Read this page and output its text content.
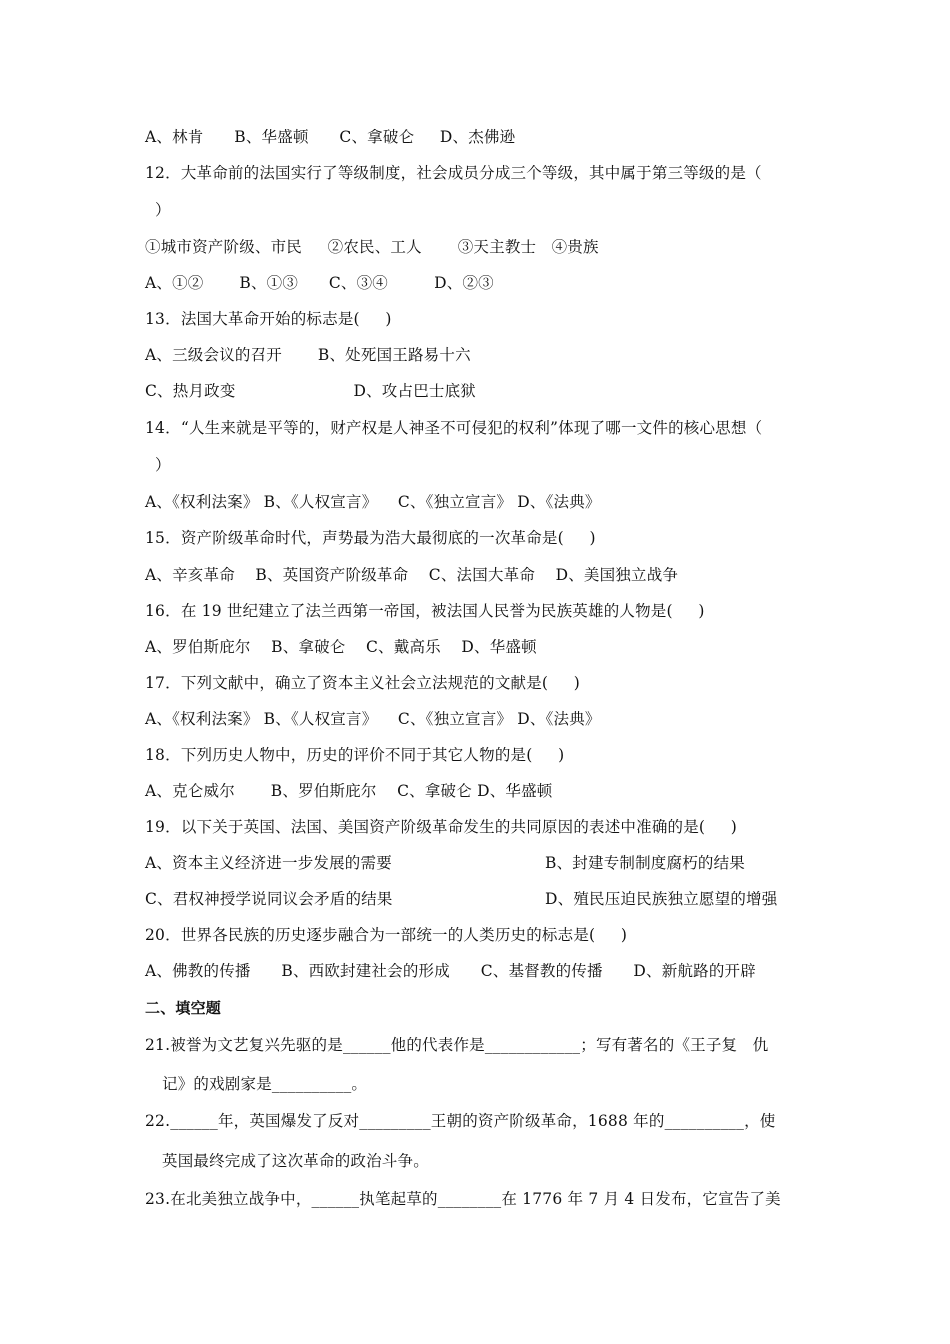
A、林肯      B、华盛顿      C、拿破仑     D、杰佛逊
12．大革命前的法国实行了等级制度，社会成员分成三个等级，其中属于第三等级的是（
）
①城市资产阶级、市民     ②农民、工人       ③天主教士   ④贵族
A、①②       B、①③      C、③④         D、②③
13．法国大革命开始的标志是(     )
A、三级会议的召开       B、处死国王路易十六
C、热月政变                       D、攻占巴士底狱
14．“人生来就是平等的，财产权是人神圣不可侵犯的权利”体现了哪一文件的核心思想（
）
A、《权利法案》 B、《人权宣言》    C、《独立宣言》 D、《法典》
15．资产阶级革命时代，声势最为浩大最彻底的一次革命是(     )
A、辛亥革命    B、英国资产阶级革命    C、法国大革命    D、美国独立战争
16．在 19 世纪建立了法兰西第一帝国，被法国人民誉为民族英雄的人物是(     )
A、罗伯斯庇尔    B、拿破仑    C、戴高乐    D、华盛顿
17．下列文献中，确立了资本主义社会立法规范的文献是(     )
A、《权利法案》 B、《人权宣言》    C、《独立宣言》 D、《法典》
18．下列历史人物中，历史的评价不同于其它人物的是(     )
A、克仑威尔       B、罗伯斯庇尔    C、拿破仑 D、华盛顿
19．以下关于英国、法国、美国资产阶级革命发生的共同原因的表述中准确的是(     )
A、资本主义经济进一步发展的需要	B、封建专制制度腐朽的结果
C、君权神授学说同议会矛盾的结果	D、殖民压迫民族独立愿望的增强
20．世界各民族的历史逐步融合为一部统一的人类历史的标志是(     )
A、佛教的传播      B、西欧封建社会的形成      C、基督教的传播      D、新航路的开辟
二、填空题
21.被誉为文艺复兴先驱的是______他的代表作是____________；写有著名的《王子复   仇
记》的戏剧家是__________。
22.______年，英国爆发了反对_________王朝的资产阶级革命，1688 年的__________，使
英国最终完成了这次革命的政治斗争。
23.在北美独立战争中，______执笔起草的________在 1776 年 7 月 4 日发布，它宣告了美
